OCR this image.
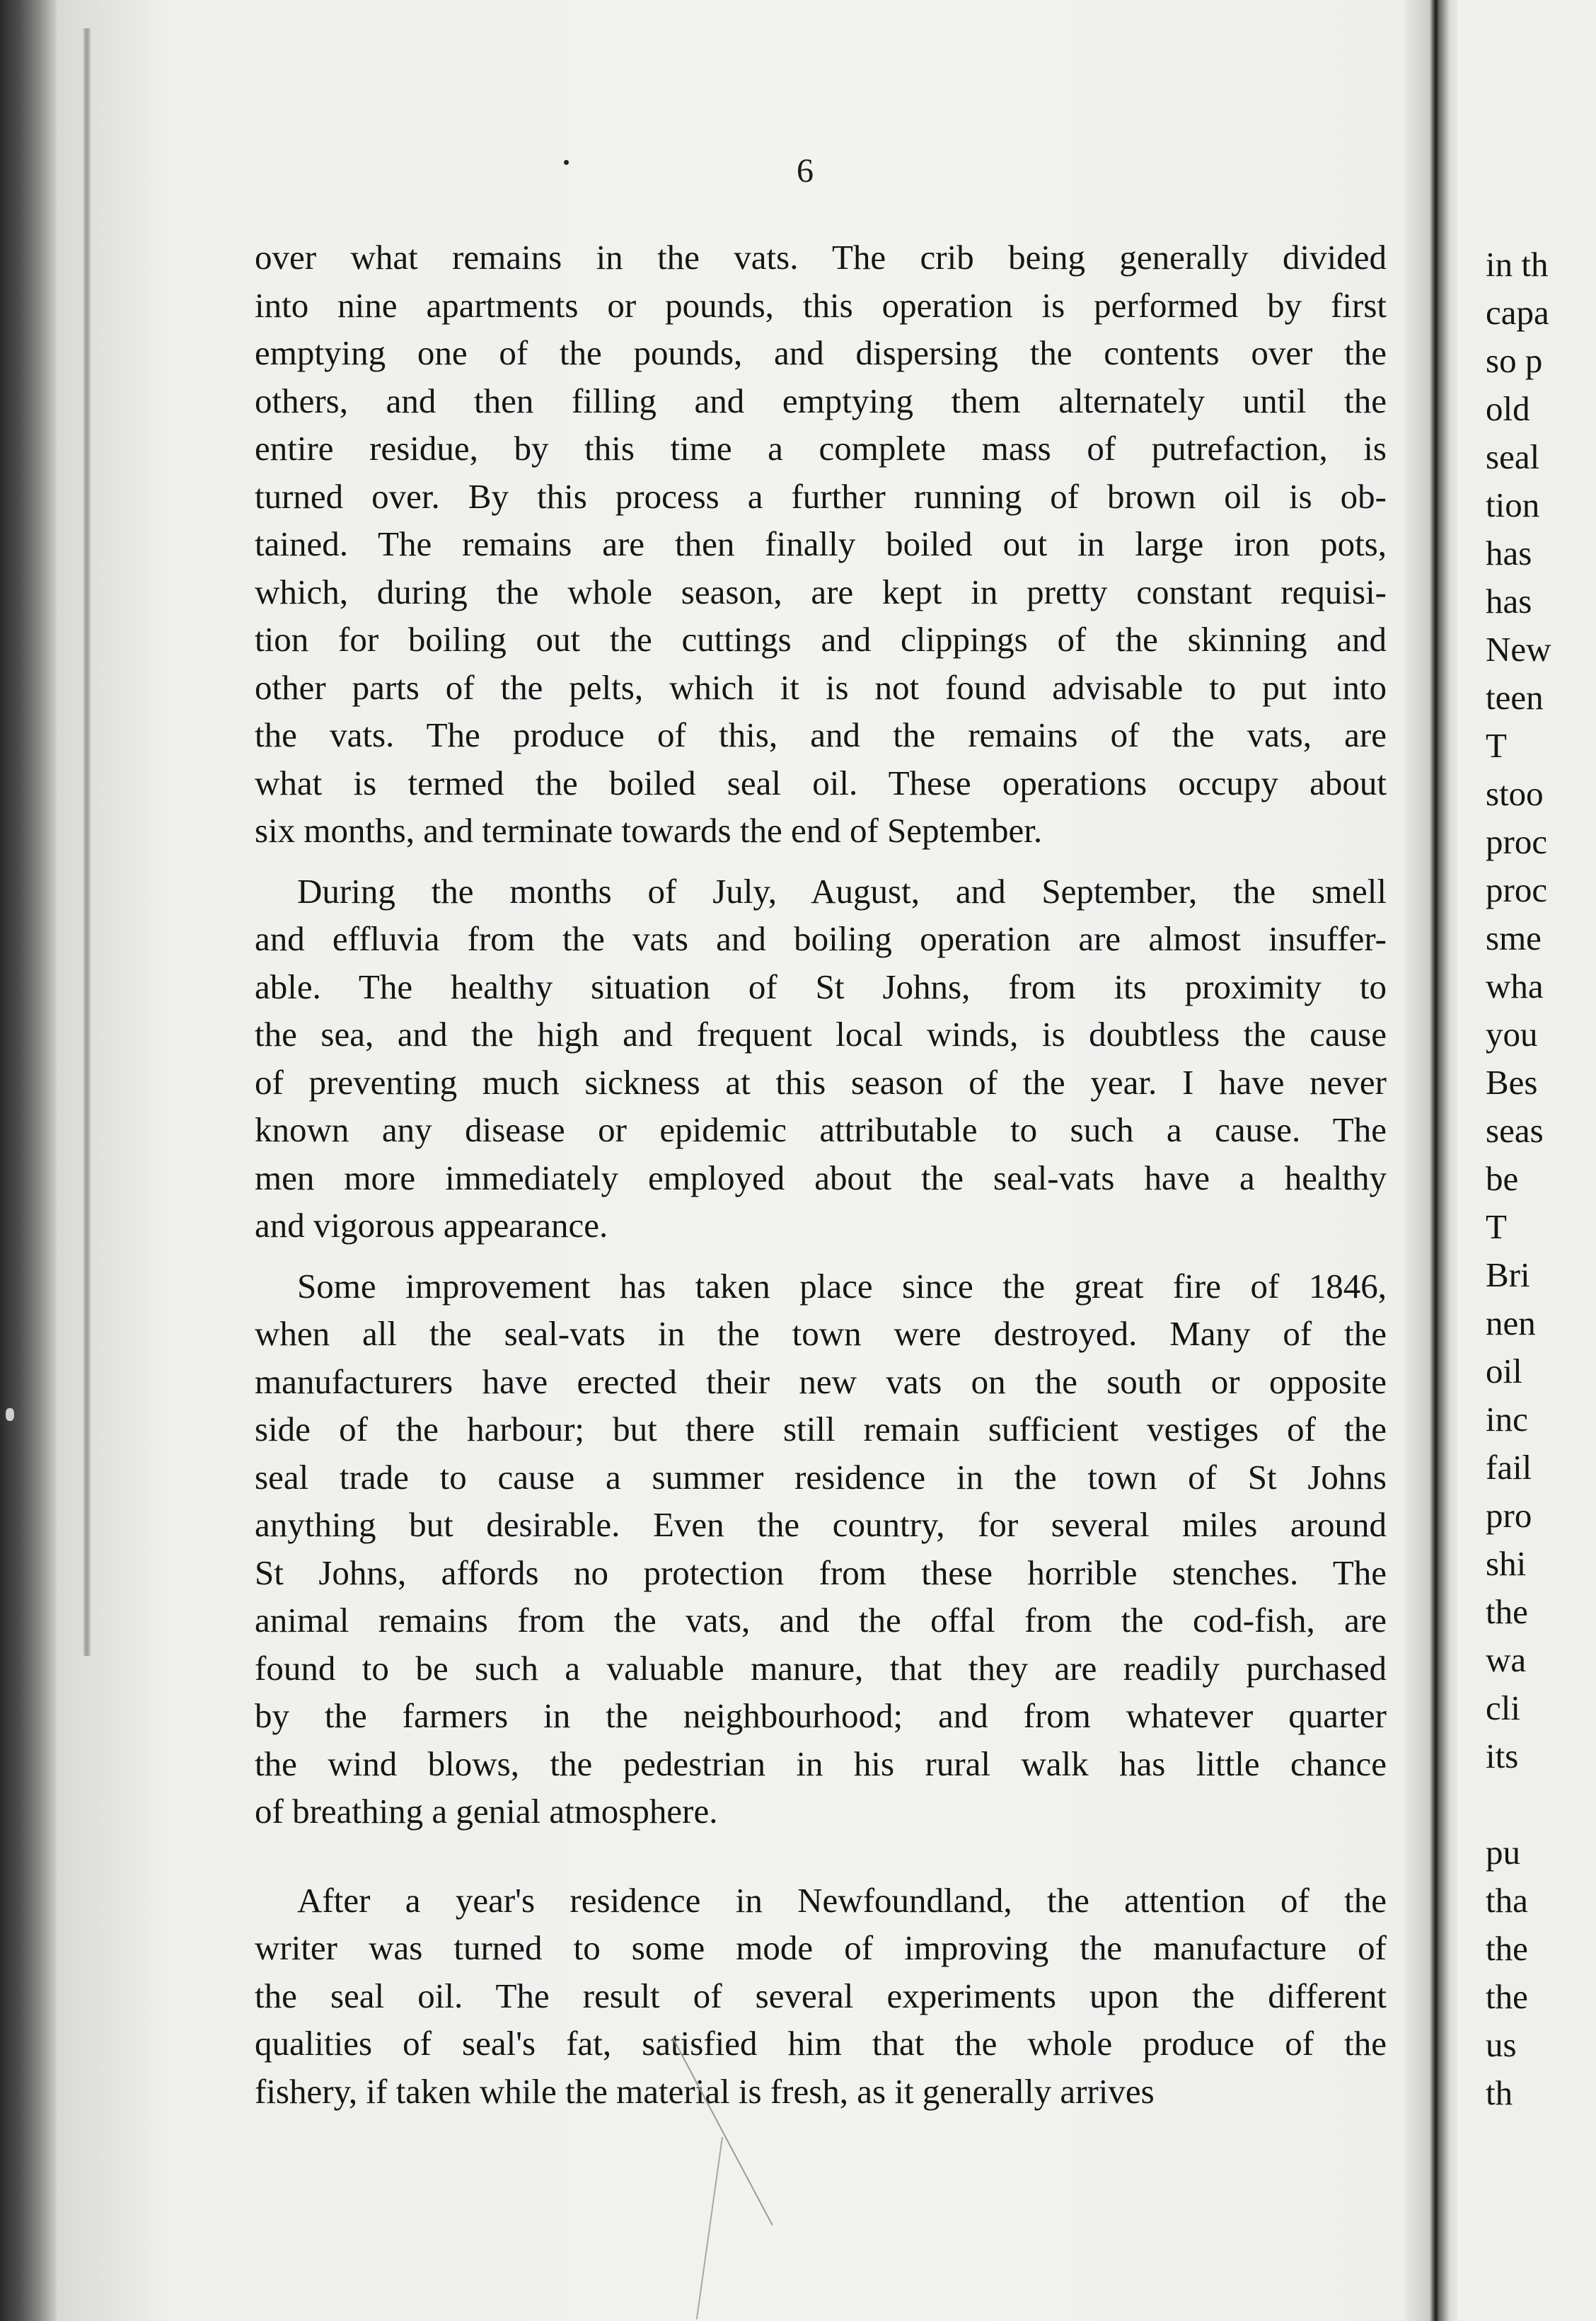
6
over what remains in the vats. The crib being generally divided
into nine apartments or pounds, this operation is performed by first
emptying one of the pounds, and dispersing the contents over the
others, and then filling and emptying them alternately until the
entire residue, by this time a complete mass of putrefaction, is
turned over. By this process a further running of brown oil is ob-
tained. The remains are then finally boiled out in large iron pots,
which, during the whole season, are kept in pretty constant requisi-
tion for boiling out the cuttings and clippings of the skinning and
other parts of the pelts, which it is not found advisable to put into
the vats. The produce of this, and the remains of the vats, are
what is termed the boiled seal oil. These operations occupy about
six months, and terminate towards the end of September.
During the months of July, August, and September, the smell
and effluvia from the vats and boiling operation are almost insuffer-
able. The healthy situation of St Johns, from its proximity to
the sea, and the high and frequent local winds, is doubtless the cause
of preventing much sickness at this season of the year. I have never
known any disease or epidemic attributable to such a cause. The
men more immediately employed about the seal-vats have a healthy
and vigorous appearance.
Some improvement has taken place since the great fire of 1846,
when all the seal-vats in the town were destroyed. Many of the
manufacturers have erected their new vats on the south or opposite
side of the harbour; but there still remain sufficient vestiges of the
seal trade to cause a summer residence in the town of St Johns
anything but desirable. Even the country, for several miles around
St Johns, affords no protection from these horrible stenches. The
animal remains from the vats, and the offal from the cod-fish, are
found to be such a valuable manure, that they are readily purchased
by the farmers in the neighbourhood; and from whatever quarter
the wind blows, the pedestrian in his rural walk has little chance
of breathing a genial atmosphere.
After a year's residence in Newfoundland, the attention of the
writer was turned to some mode of improving the manufacture of
the seal oil. The result of several experiments upon the different
qualities of seal's fat, satisfied him that the whole produce of the
fishery, if taken while the material is fresh, as it generally arrives
in th
capa
so p
old
seal
tion
has
has
New
teen
T
stoo
proc
proc
sme
wha
you
Bes
seas
be
T
Bri
nen
oil
inc
fail
pro
shi
the
wa
cli
its
pu
tha
the
the
us
th
